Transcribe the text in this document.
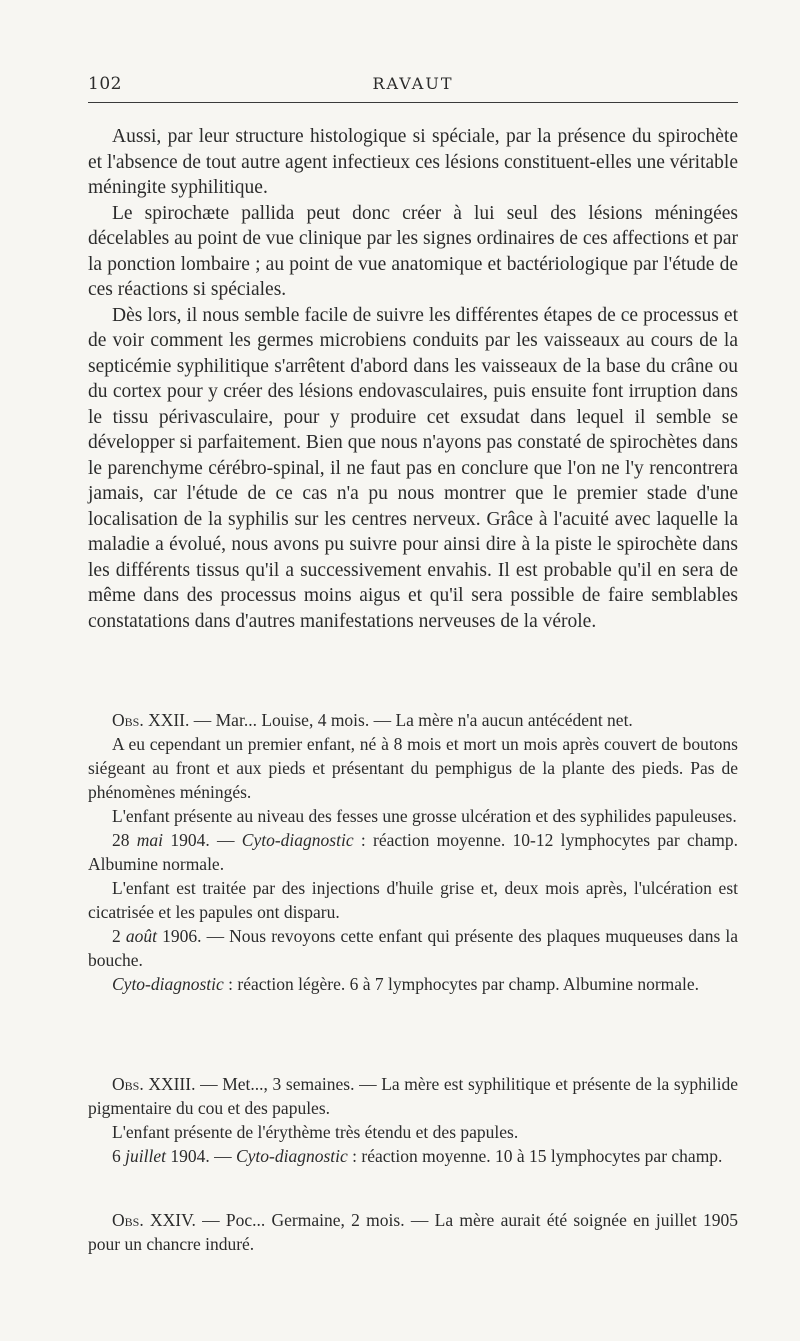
102	RAVAUT

Aussi, par leur structure histologique si spéciale, par la présence du spirochète et l'absence de tout autre agent infectieux ces lésions constituent-elles une véritable méningite syphilitique.

Le spirochæte pallida peut donc créer à lui seul des lésions méningées décelables au point de vue clinique par les signes ordinaires de ces affections et par la ponction lombaire ; au point de vue anatomique et bactériologique par l'étude de ces réactions si spéciales.

Dès lors, il nous semble facile de suivre les différentes étapes de ce processus et de voir comment les germes microbiens conduits par les vaisseaux au cours de la septicémie syphilitique s'arrêtent d'abord dans les vaisseaux de la base du crâne ou du cortex pour y créer des lésions endovasculaires, puis ensuite font irruption dans le tissu périvasculaire, pour y produire cet exsudat dans lequel il semble se développer si parfaitement. Bien que nous n'ayons pas constaté de spirochètes dans le parenchyme cérébro-spinal, il ne faut pas en conclure que l'on ne l'y rencontrera jamais, car l'étude de ce cas n'a pu nous montrer que le premier stade d'une localisation de la syphilis sur les centres nerveux. Grâce à l'acuité avec laquelle la maladie a évolué, nous avons pu suivre pour ainsi dire à la piste le spirochète dans les différents tissus qu'il a successivement envahis. Il est probable qu'il en sera de même dans des processus moins aigus et qu'il sera possible de faire semblables constatations dans d'autres manifestations nerveuses de la vérole.

Obs. XXII. — Mar... Louise, 4 mois. — La mère n'a aucun antécédent net.

A eu cependant un premier enfant, né à 8 mois et mort un mois après couvert de boutons siégeant au front et aux pieds et présentant du pemphigus de la plante des pieds. Pas de phénomènes méningés.

L'enfant présente au niveau des fesses une grosse ulcération et des syphilides papuleuses.

28 mai 1904. — Cyto-diagnostic : réaction moyenne. 10-12 lymphocytes par champ. Albumine normale.

L'enfant est traitée par des injections d'huile grise et, deux mois après, l'ulcération est cicatrisée et les papules ont disparu.

2 août 1906. — Nous revoyons cette enfant qui présente des plaques muqueuses dans la bouche.

Cyto-diagnostic : réaction légère. 6 à 7 lymphocytes par champ. Albumine normale.

Obs. XXIII. — Met..., 3 semaines. — La mère est syphilitique et présente de la syphilide pigmentaire du cou et des papules.

L'enfant présente de l'érythème très étendu et des papules.

6 juillet 1904. — Cyto-diagnostic : réaction moyenne. 10 à 15 lymphocytes par champ.

Obs. XXIV. — Poc... Germaine, 2 mois. — La mère aurait été soignée en juillet 1905 pour un chancre induré.
